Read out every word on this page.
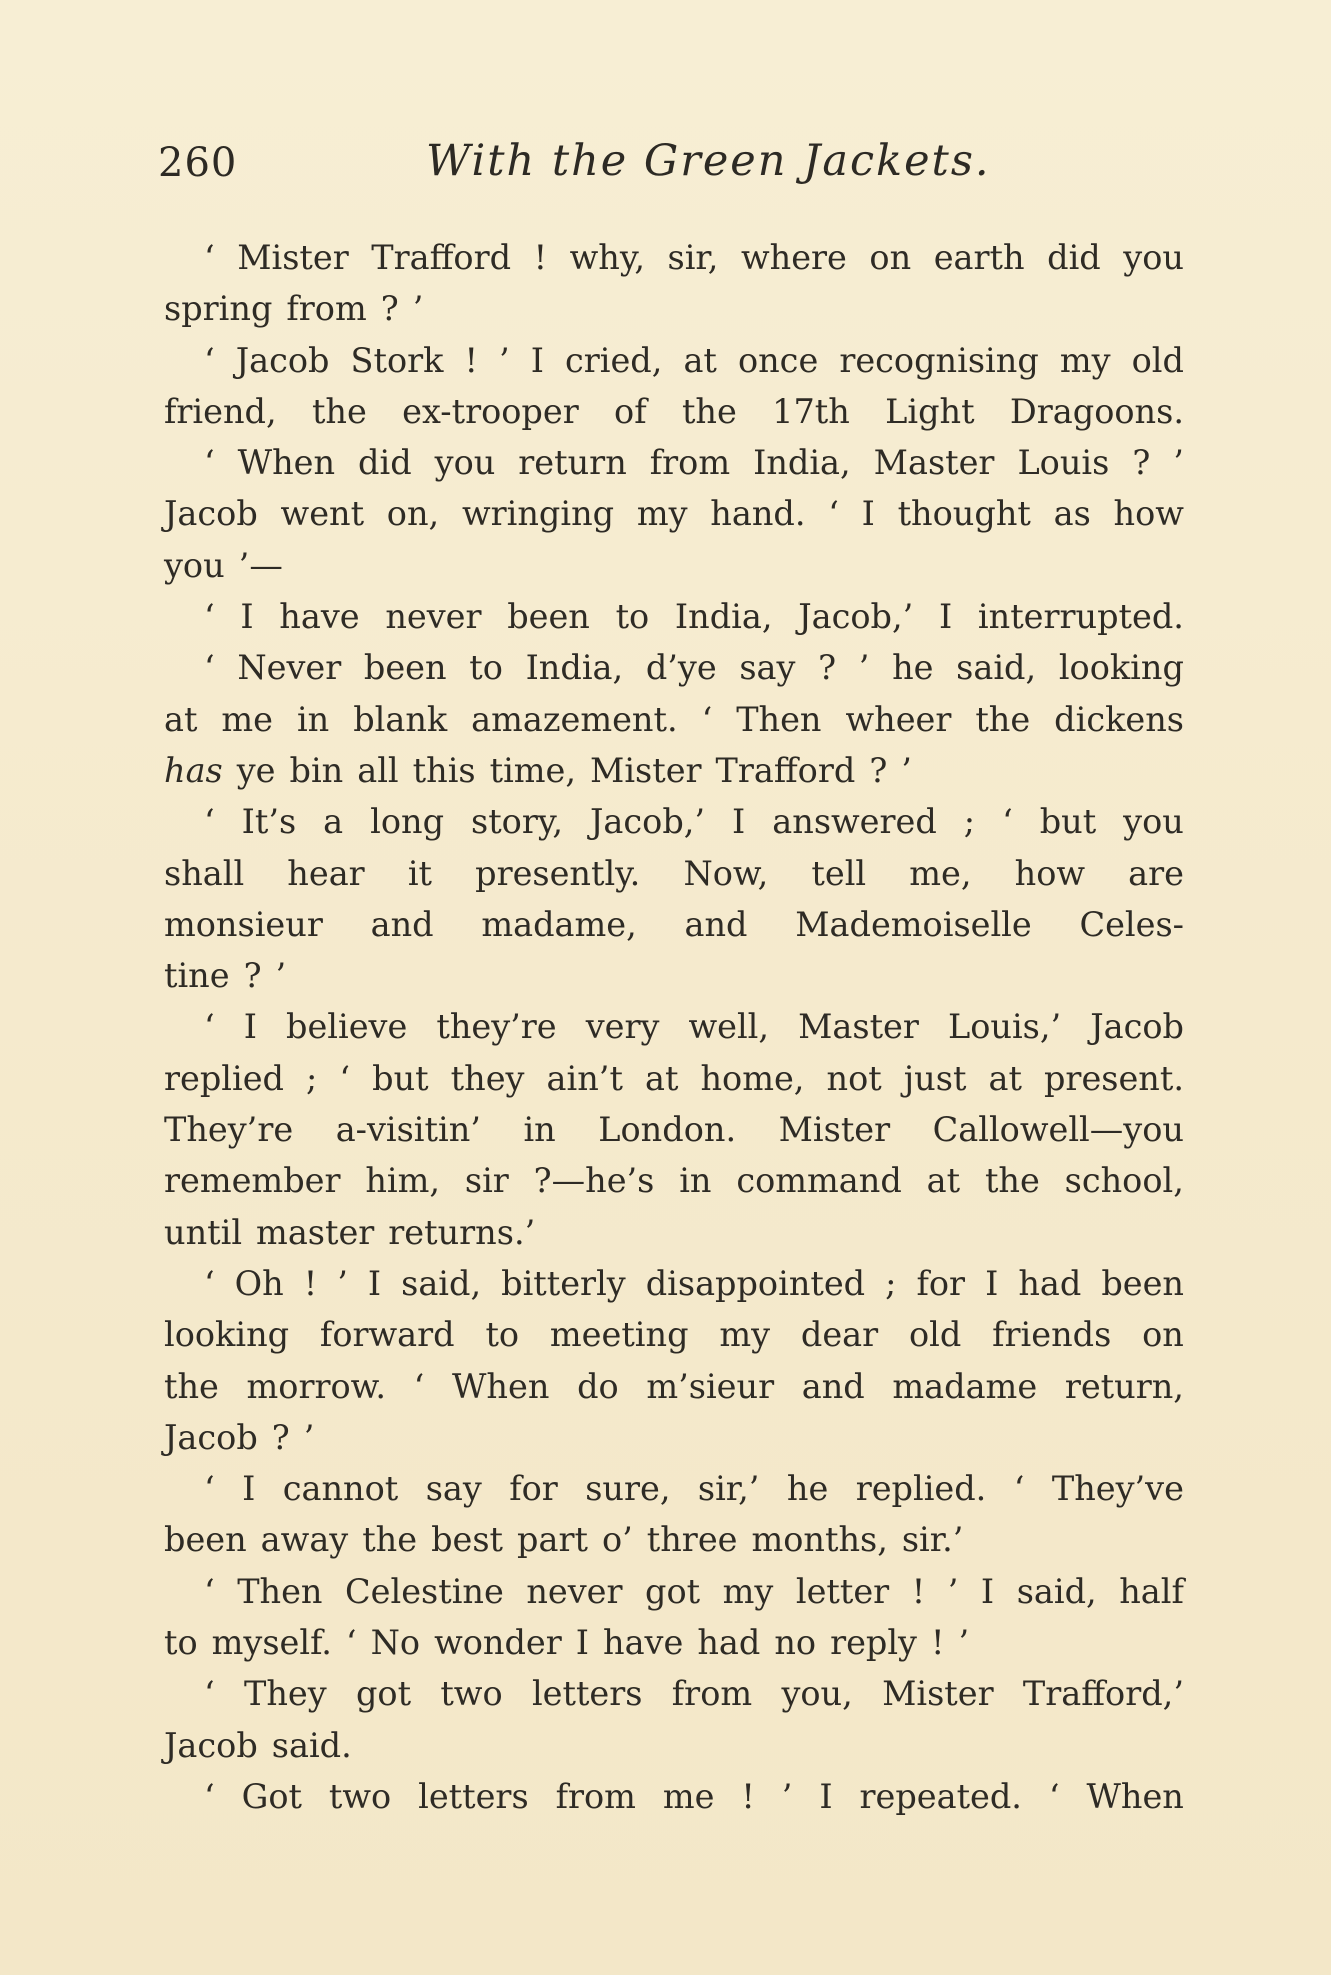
260	With the Green Jackets.
‘ Mister Trafford ! why, sir, where on earth did you
spring from ? ’
‘ Jacob Stork ! ’ I cried, at once recognising my old
friend, the ex-trooper of the 17th Light Dragoons.
‘ When did you return from India, Master Louis ? ’
Jacob went on, wringing my hand. ‘ I thought as how
you ’—
‘ I have never been to India, Jacob,’ I interrupted.
‘ Never been to India, d’ye say ? ’ he said, looking
at me in blank amazement. ‘ Then wheer the dickens
has ye bin all this time, Mister Trafford ? ’
‘ It’s a long story, Jacob,’ I answered ; ‘ but you
shall hear it presently. Now, tell me, how are
monsieur and madame, and Mademoiselle Celes-
tine ? ’
‘ I believe they’re very well, Master Louis,’ Jacob
replied ; ‘ but they ain’t at home, not just at present.
They’re a-visitin’ in London. Mister Callowell—you
remember him, sir ?—he’s in command at the school,
until master returns.’
‘ Oh ! ’ I said, bitterly disappointed ; for I had been
looking forward to meeting my dear old friends on
the morrow. ‘ When do m’sieur and madame return,
Jacob ? ’
‘ I cannot say for sure, sir,’ he replied. ‘ They’ve
been away the best part o’ three months, sir.’
‘ Then Celestine never got my letter ! ’ I said, half
to myself. ‘ No wonder I have had no reply ! ’
‘ They got two letters from you, Mister Trafford,’
Jacob said.
‘ Got two letters from me ! ’ I repeated. ‘ When
